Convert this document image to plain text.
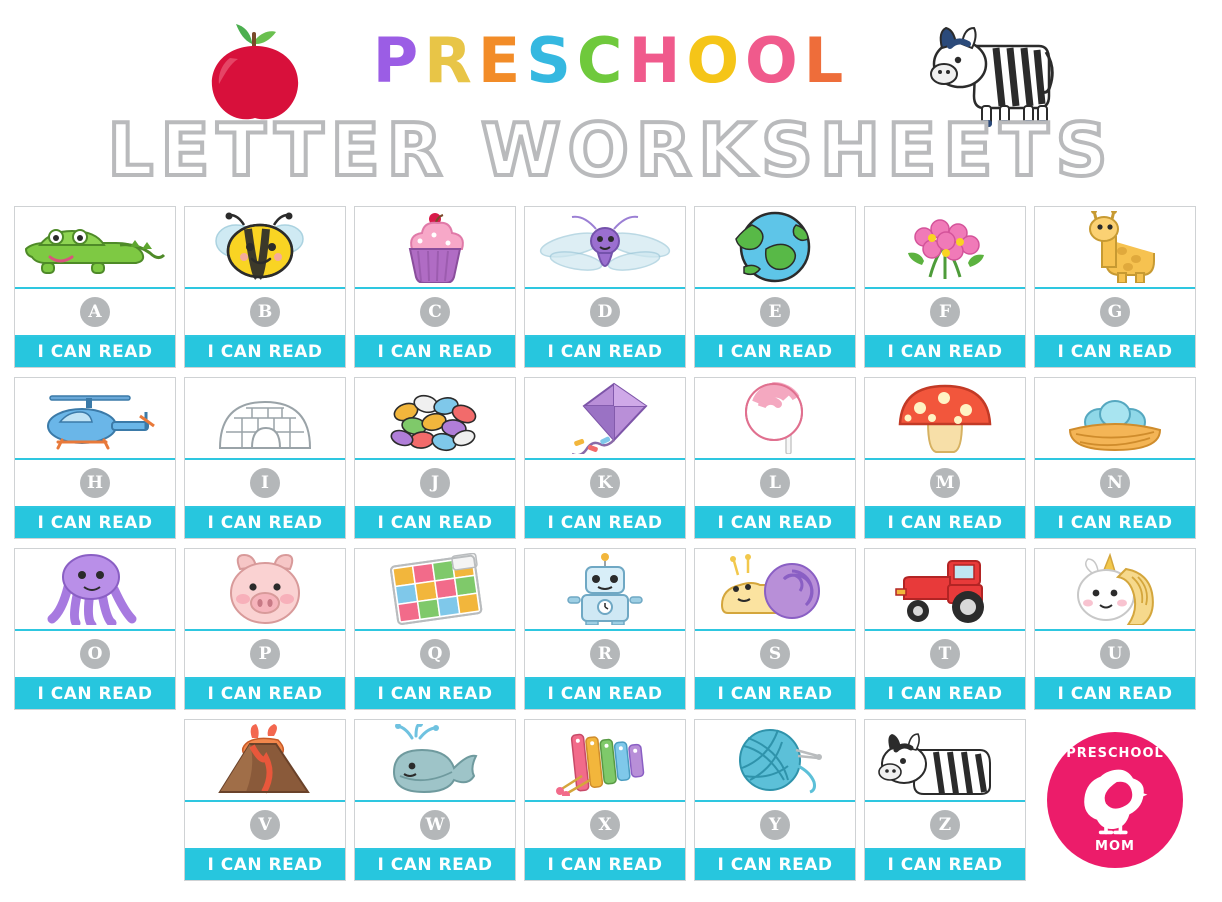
PRESCHOOL
LETTER WORKSHEETS
A
I CAN READ
B
I CAN READ
C
I CAN READ
D
I CAN READ
E
I CAN READ
F
I CAN READ
G
I CAN READ
H
I CAN READ
I
I CAN READ
J
I CAN READ
K
I CAN READ
L
I CAN READ
M
I CAN READ
N
I CAN READ
O
I CAN READ
P
I CAN READ
Q
I CAN READ
R
I CAN READ
S
I CAN READ
T
I CAN READ
U
I CAN READ
V
I CAN READ
W
I CAN READ
X
I CAN READ
Y
I CAN READ
Z
I CAN READ
PRESCHOOL
MOM
